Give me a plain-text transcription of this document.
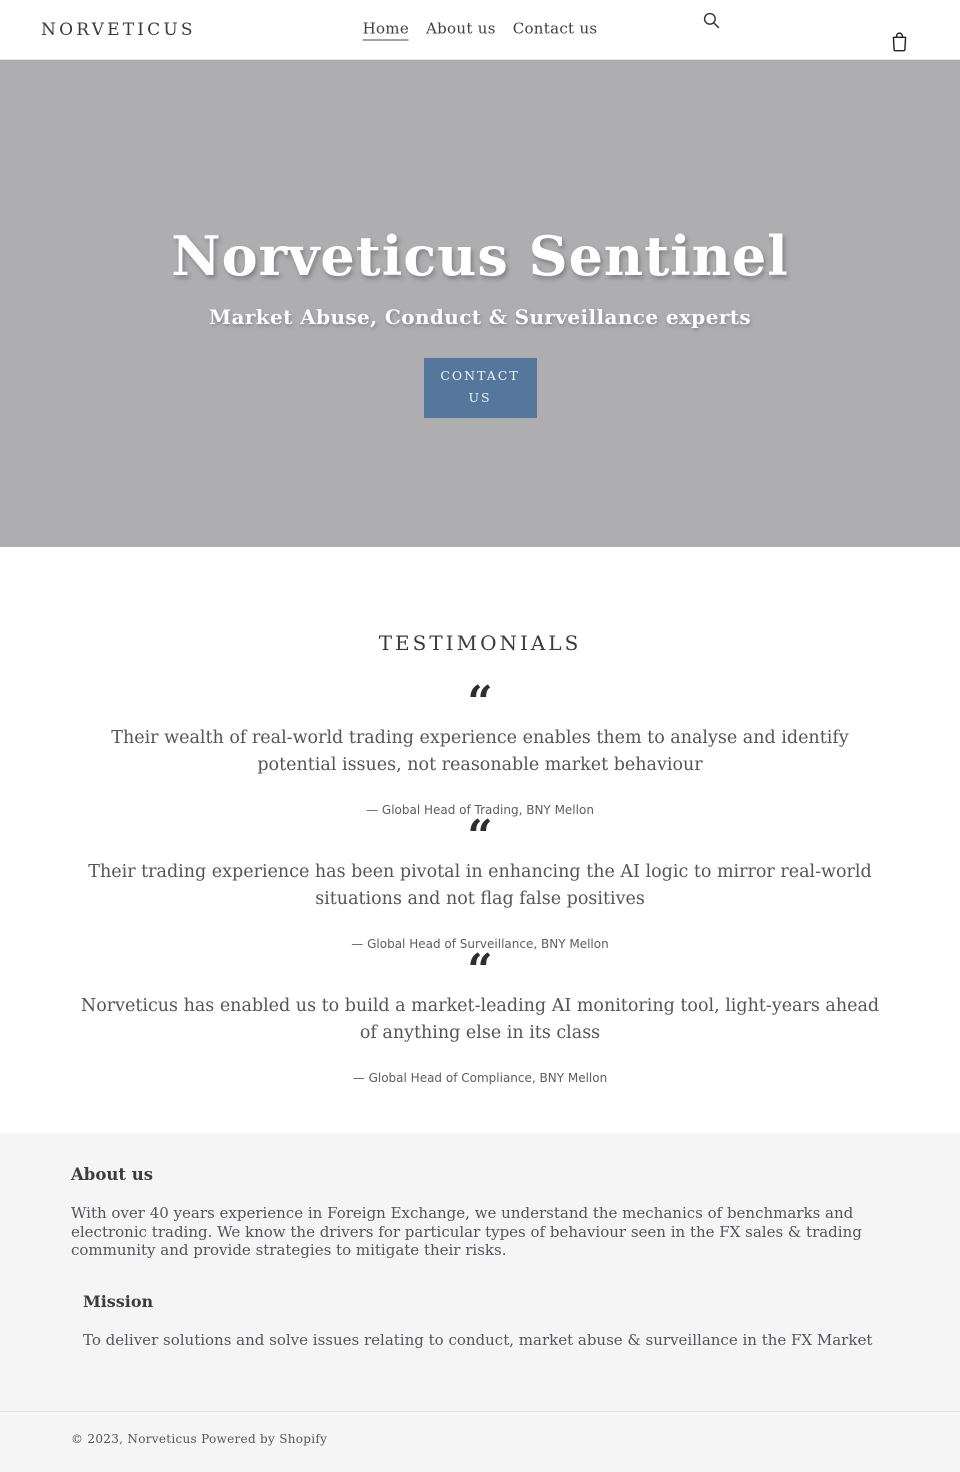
NORVETICUS	Home About us Contact us
Norveticus Sentinel

Market Abuse, Conduct & Surveillance experts

CONTACT US
TESTIMONIALS
“

Their wealth of real-world trading experience enables them to analyse and identify potential issues, not reasonable market behaviour

— Global Head of Trading, BNY Mellon

“

Their trading experience has been pivotal in enhancing the AI logic to mirror real-world situations and not flag false positives

— Global Head of Surveillance, BNY Mellon

“

Norveticus has enabled us to build a market-leading AI monitoring tool, light-years ahead of anything else in its class

— Global Head of Compliance, BNY Mellon

About us

With over 40 years experience in Foreign Exchange, we understand the mechanics of benchmarks and electronic trading. We know the drivers for particular types of behaviour seen in the FX sales & trading community and provide strategies to mitigate their risks.

Mission

To deliver solutions and solve issues relating to conduct, market abuse & surveillance in the FX Market

© 2023, Norveticus Powered by Shopify
